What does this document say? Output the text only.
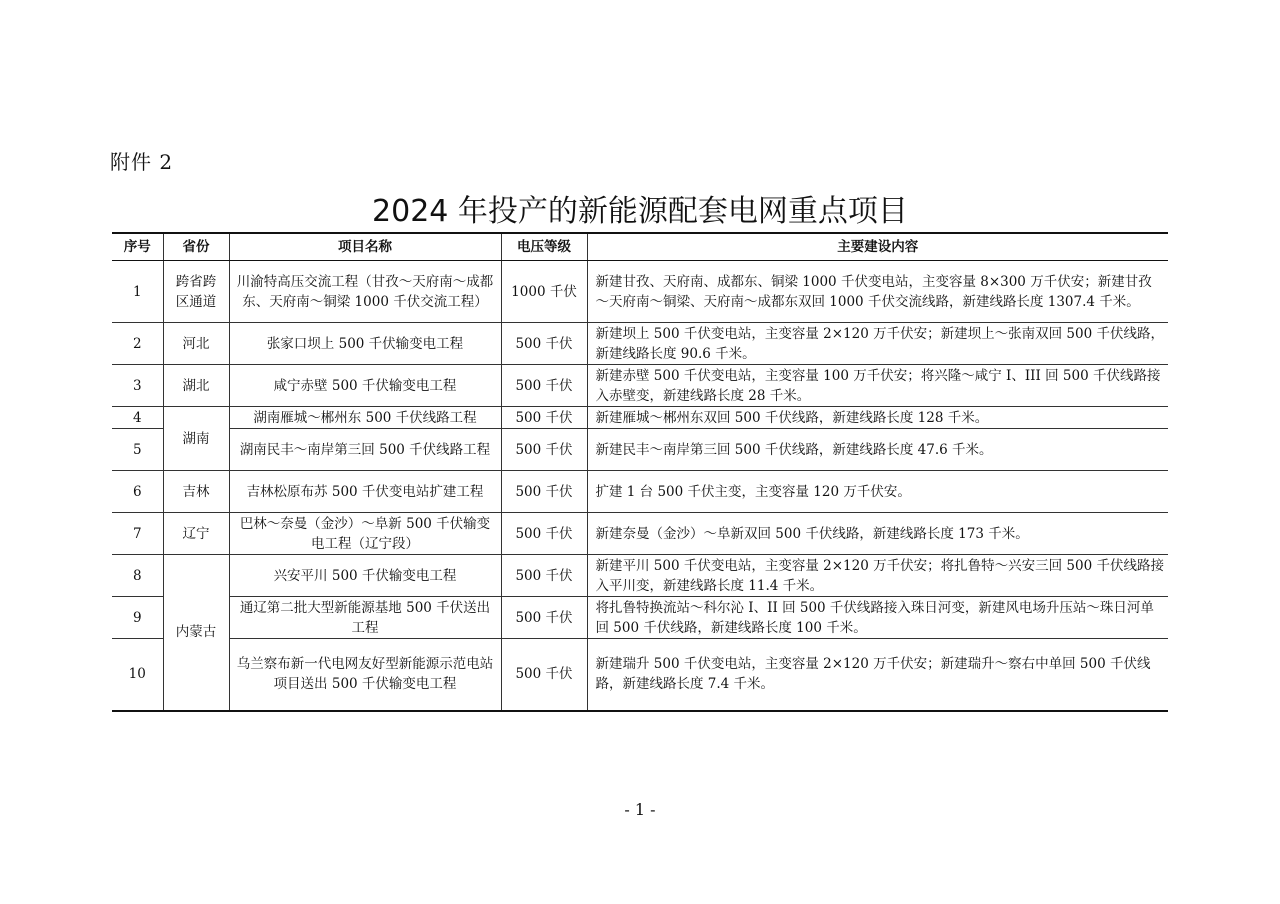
附件 2
2024 年投产的新能源配套电网重点项目
序号	省份	项目名称	电压等级	主要建设内容
1	跨省跨区通道	川渝特高压交流工程（甘孜～天府南～成都东、天府南～铜梁 1000 千伏交流工程）	1000 千伏	新建甘孜、天府南、成都东、铜梁 1000 千伏变电站，主变容量 8×300 万千伏安；新建甘孜～天府南～铜梁、天府南～成都东双回 1000 千伏交流线路，新建线路长度 1307.4 千米。
2	河北	张家口坝上 500 千伏输变电工程	500 千伏	新建坝上 500 千伏变电站，主变容量 2×120 万千伏安；新建坝上～张南双回 500 千伏线路，新建线路长度 90.6 千米。
3	湖北	咸宁赤壁 500 千伏输变电工程	500 千伏	新建赤壁 500 千伏变电站，主变容量 100 万千伏安；将兴隆～咸宁 I、III 回 500 千伏线路接入赤壁变，新建线路长度 28 千米。
4	湖南	湖南雁城～郴州东 500 千伏线路工程	500 千伏	新建雁城～郴州东双回 500 千伏线路，新建线路长度 128 千米。
5		湖南民丰～南岸第三回 500 千伏线路工程	500 千伏	新建民丰～南岸第三回 500 千伏线路，新建线路长度 47.6 千米。
6	吉林	吉林松原布苏 500 千伏变电站扩建工程	500 千伏	扩建 1 台 500 千伏主变，主变容量 120 万千伏安。
7	辽宁	巴林～奈曼（金沙）～阜新 500 千伏输变电工程（辽宁段）	500 千伏	新建奈曼（金沙）～阜新双回 500 千伏线路，新建线路长度 173 千米。
8	内蒙古	兴安平川 500 千伏输变电工程	500 千伏	新建平川 500 千伏变电站，主变容量 2×120 万千伏安；将扎鲁特～兴安三回 500 千伏线路接入平川变，新建线路长度 11.4 千米。
9		通辽第二批大型新能源基地 500 千伏送出工程	500 千伏	将扎鲁特换流站～科尔沁 I、II 回 500 千伏线路接入珠日河变，新建风电场升压站～珠日河单回 500 千伏线路，新建线路长度 100 千米。
10		乌兰察布新一代电网友好型新能源示范电站项目送出 500 千伏输变电工程	500 千伏	新建瑞升 500 千伏变电站，主变容量 2×120 万千伏安；新建瑞升～察右中单回 500 千伏线路，新建线路长度 7.4 千米。
- 1 -
